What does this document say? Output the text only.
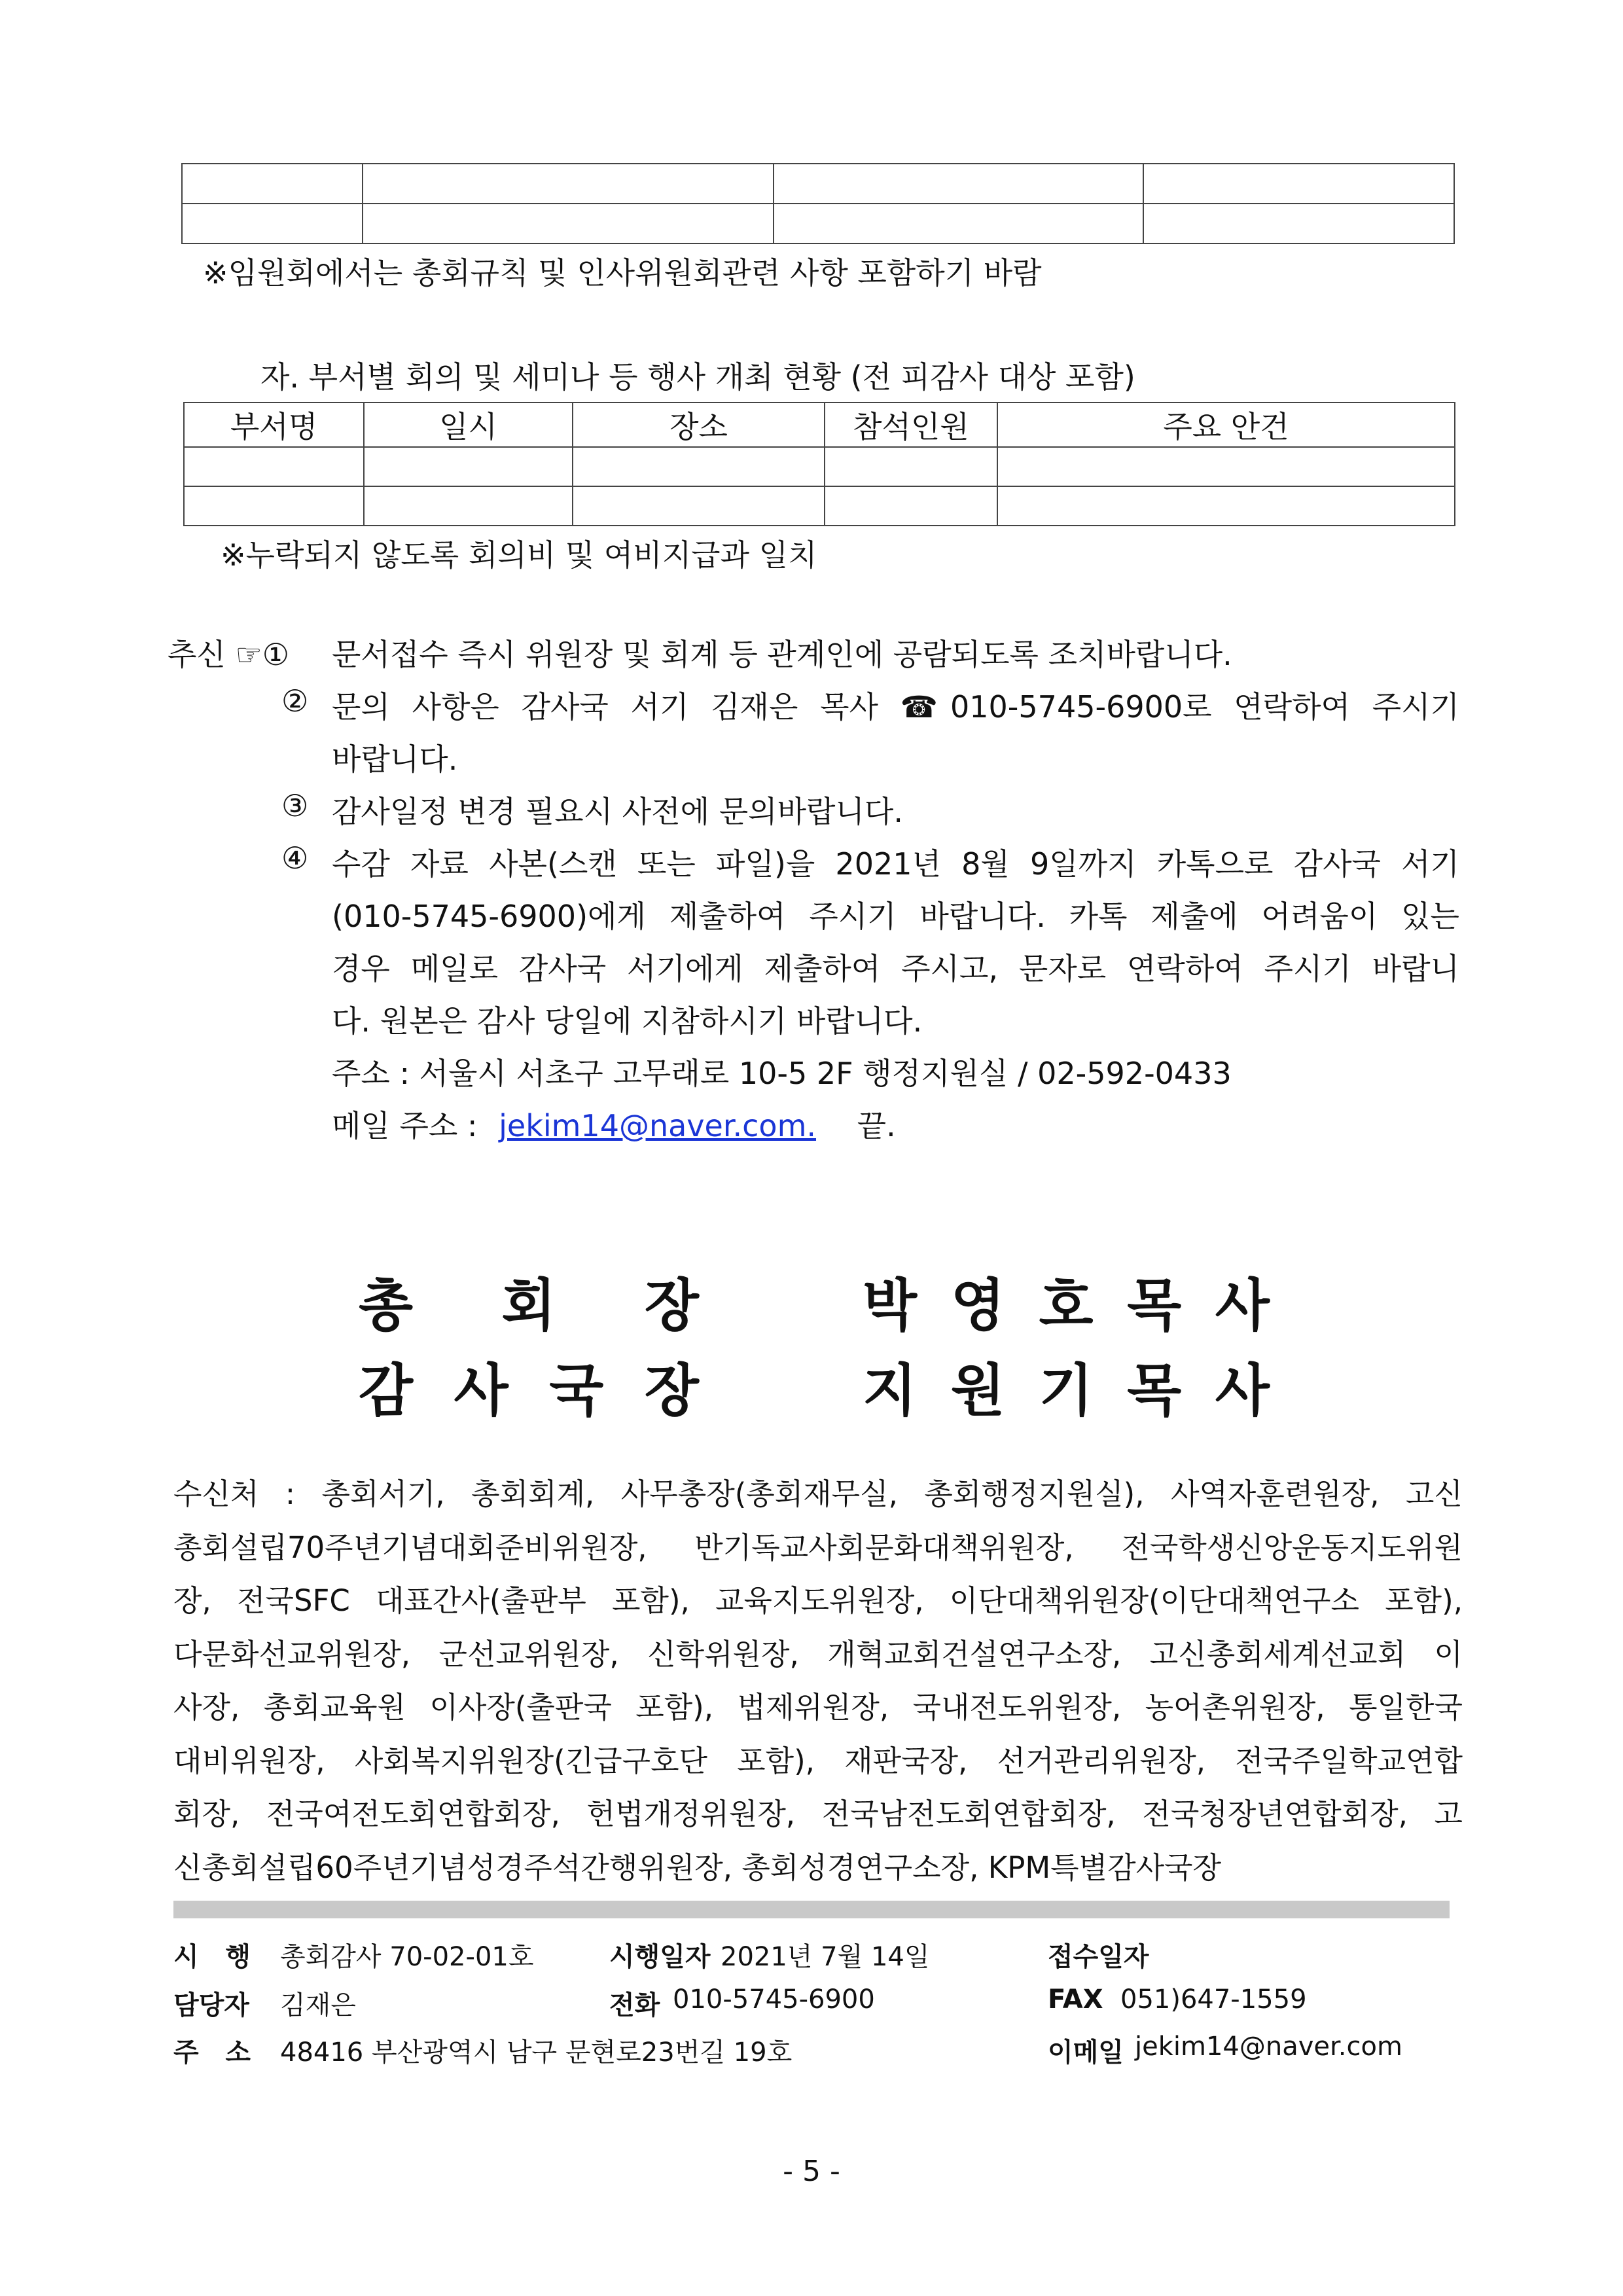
※임원회에서는 총회규칙 및 인사위원회관련 사항 포함하기 바람
자. 부서별 회의 및 세미나 등 행사 개최 현황 (전 피감사 대상 포함)
부서명	일시	장소	참석인원	주요 안건

※누락되지 않도록 회의비 및 여비지급과 일치
추신 ☞① 문서접수 즉시 위원장 및 회계 등 관계인에 공람되도록 조치바랍니다.
② 문의 사항은 감사국 서기 김재은 목사 ☎010-5745-6900로 연락하여 주시기
바랍니다.
③ 감사일정 변경 필요시 사전에 문의바랍니다.
④ 수감 자료 사본(스캔 또는 파일)을 2021년 8월 9일까지 카톡으로 감사국 서기
(010-5745-6900)에게 제출하여 주시기 바랍니다. 카톡 제출에 어려움이 있는
경우 메일로 감사국 서기에게 제출하여 주시고, 문자로 연락하여 주시기 바랍니
다. 원본은 감사 당일에 지참하시기 바랍니다.
주소 : 서울시 서초구 고무래로 10-5 2F 행정지원실 / 02-592-0433
메일 주소 : jekim14@naver.com. 끝.
총 회 장	박 영 호 목 사
감 사 국 장	지 원 기 목 사
수신처 : 총회서기, 총회회계, 사무총장(총회재무실, 총회행정지원실), 사역자훈련원장, 고신
총회설립70주년기념대회준비위원장, 반기독교사회문화대책위원장, 전국학생신앙운동지도위원
장, 전국SFC 대표간사(출판부 포함), 교육지도위원장, 이단대책위원장(이단대책연구소 포함),
다문화선교위원장, 군선교위원장, 신학위원장, 개혁교회건설연구소장, 고신총회세계선교회 이
사장, 총회교육원 이사장(출판국 포함), 법제위원장, 국내전도위원장, 농어촌위원장, 통일한국
대비위원장, 사회복지위원장(긴급구호단 포함), 재판국장, 선거관리위원장, 전국주일학교연합
회장, 전국여전도회연합회장, 헌법개정위원장, 전국남전도회연합회장, 전국청장년연합회장, 고
신총회설립60주년기념성경주석간행위원장, 총회성경연구소장, KPM특별감사국장
시 행 총회감사 70-02-01호	시행일자 2021년 7월 14일	접수일자
담당자 김재은	전화 010-5745-6900	FAX 051)647-1559
주 소 48416 부산광역시 남구 문현로23번길 19호	이메일 jekim14@naver.com
- 5 -
